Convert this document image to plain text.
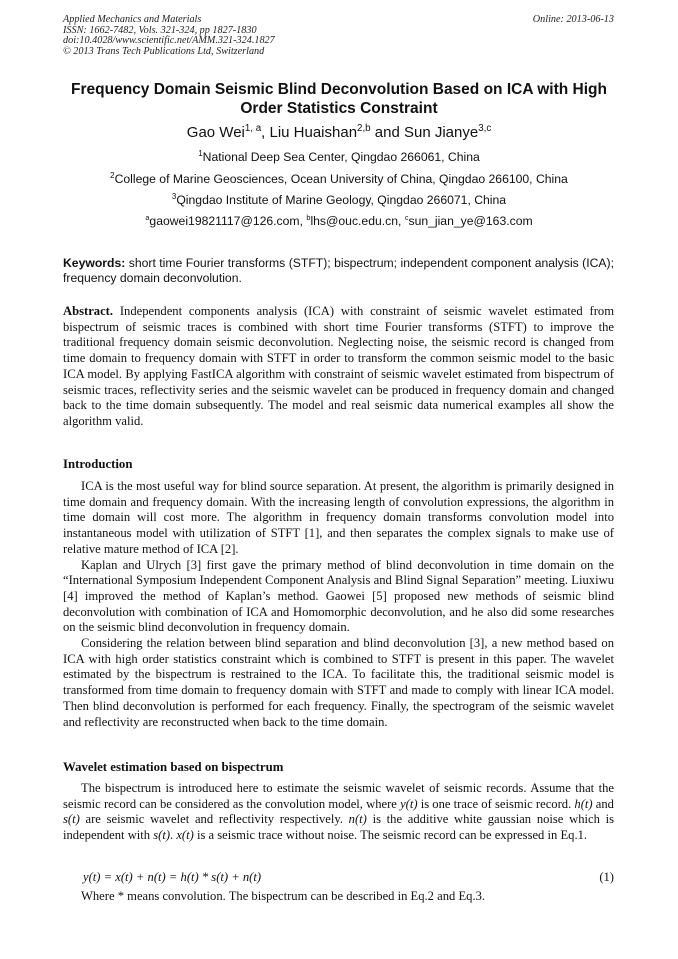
Applied Mechanics and Materials
ISSN: 1662-7482, Vols. 321-324, pp 1827-1830
doi:10.4028/www.scientific.net/AMM.321-324.1827
© 2013 Trans Tech Publications Ltd, Switzerland
Online: 2013-06-13
Frequency Domain Seismic Blind Deconvolution Based on ICA with High Order Statistics Constraint
Gao Wei$^{1, a}$, Liu Huaishan$^{2,b}$ and Sun Jianye$^{3,c}$
$^1$National Deep Sea Center, Qingdao 266061, China
$^2$College of Marine Geosciences, Ocean University of China, Qingdao 266100, China
$^3$Qingdao Institute of Marine Geology, Qingdao 266071, China
$^a$gaowei19821117@126.com, $^b$lhs@ouc.edu.cn, $^c$sun_jian_ye@163.com
Keywords: short time Fourier transforms (STFT); bispectrum; independent component analysis (ICA); frequency domain deconvolution.

Abstract. Independent components analysis (ICA) with constraint of seismic wavelet estimated from bispectrum of seismic traces is combined with short time Fourier transforms (STFT) to improve the traditional frequency domain seismic deconvolution. Neglecting noise, the seismic record is changed from time domain to frequency domain with STFT in order to transform the common seismic model to the basic ICA model. By applying FastICA algorithm with constraint of seismic wavelet estimated from bispectrum of seismic traces, reflectivity series and the seismic wavelet can be produced in frequency domain and changed back to the time domain subsequently. The model and real seismic data numerical examples all show the algorithm valid.

Introduction

ICA is the most useful way for blind source separation. At present, the algorithm is primarily designed in time domain and frequency domain. With the increasing length of convolution expressions, the algorithm in time domain will cost more. The algorithm in frequency domain transforms convolution model into instantaneous model with utilization of STFT [1], and then separates the complex signals to make use of relative mature method of ICA [2].

Kaplan and Ulrych [3] first gave the primary method of blind deconvolution in time domain on the “International Symposium Independent Component Analysis and Blind Signal Separation” meeting. Liuxiwu [4] improved the method of Kaplan’s method. Gaowei [5] proposed new methods of seismic blind deconvolution with combination of ICA and Homomorphic deconvolution, and he also did some researches on the seismic blind deconvolution in frequency domain.

Considering the relation between blind separation and blind deconvolution [3], a new method based on ICA with high order statistics constraint which is combined to STFT is present in this paper. The wavelet estimated by the bispectrum is restrained to the ICA. To facilitate this, the traditional seismic model is transformed from time domain to frequency domain with STFT and made to comply with linear ICA model. Then blind deconvolution is performed for each frequency. Finally, the spectrogram of the seismic wavelet and reflectivity are reconstructed when back to the time domain.

Wavelet estimation based on bispectrum

The bispectrum is introduced here to estimate the seismic wavelet of seismic records. Assume that the seismic record can be considered as the convolution model, where y(t) is one trace of seismic record. h(t) and s(t) are seismic wavelet and reflectivity respectively. n(t) is the additive white gaussian noise which is independent with s(t). x(t) is a seismic trace without noise. The seismic record can be expressed in Eq.1.

y(t) = x(t) + n(t) = h(t) * s(t) + n(t)	(1)

Where * means convolution. The bispectrum can be described in Eq.2 and Eq.3.
